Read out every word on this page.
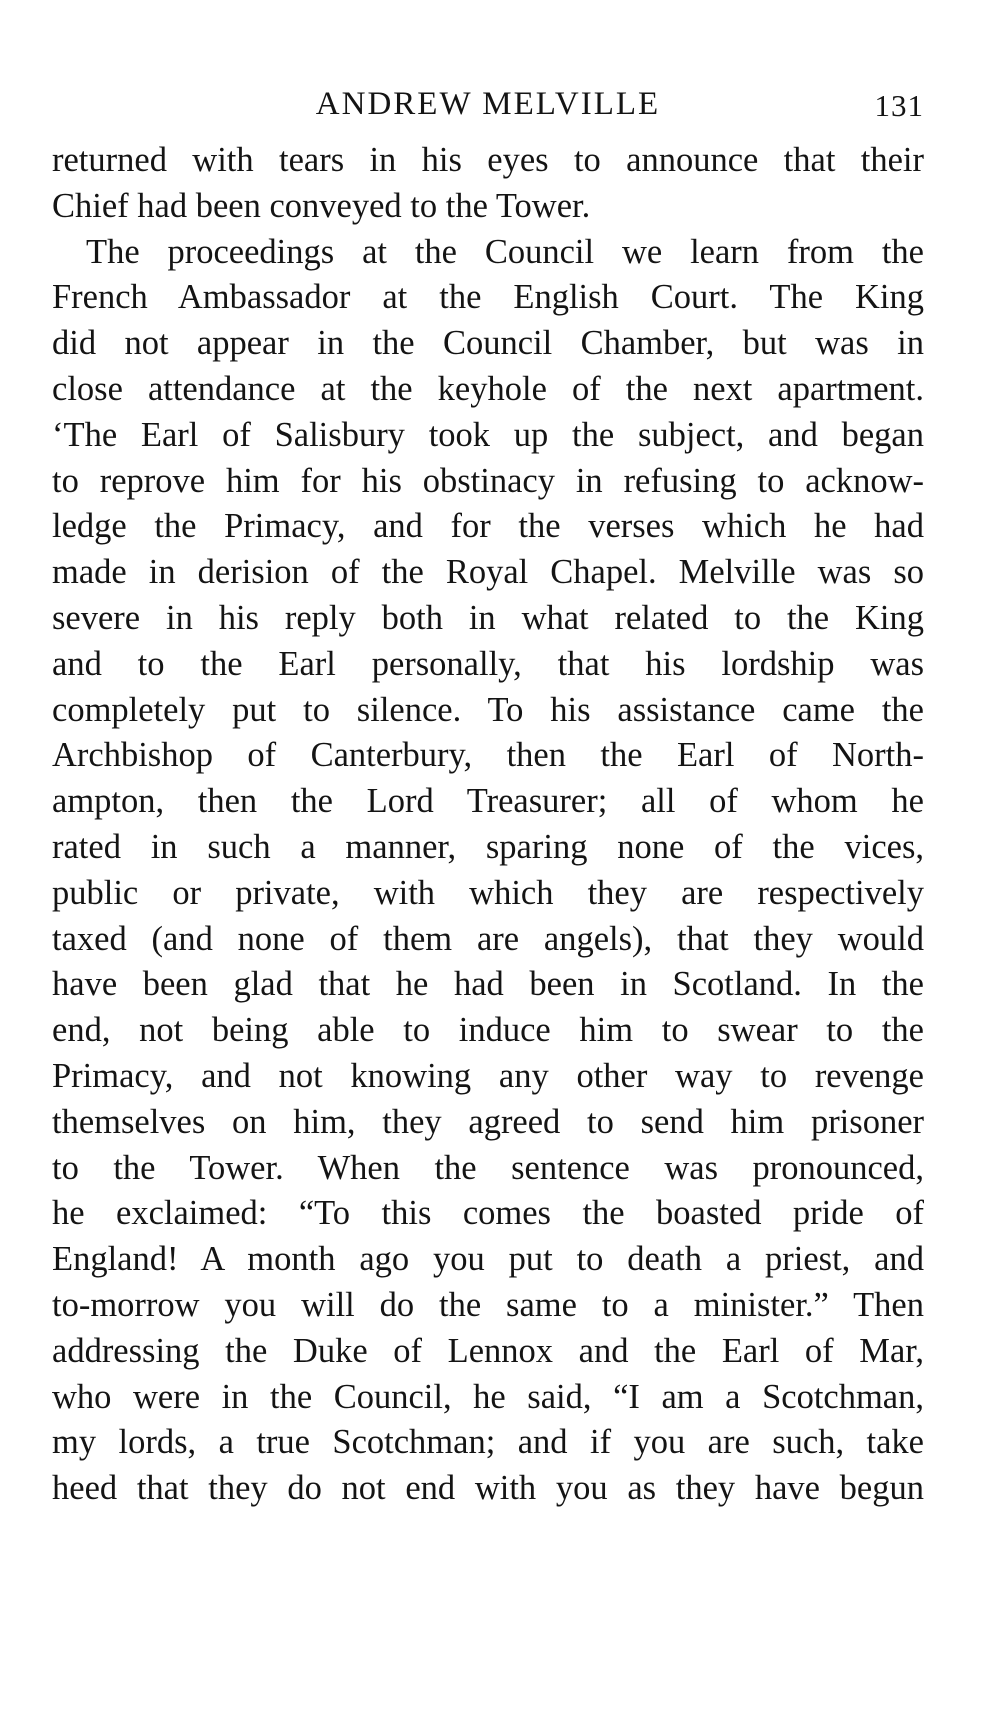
ANDREW MELVILLE	131
returned with tears in his eyes to announce that their
Chief had been conveyed to the Tower.
The proceedings at the Council we learn from the
French Ambassador at the English Court. The King
did not appear in the Council Chamber, but was in
close attendance at the keyhole of the next apartment.
‘The Earl of Salisbury took up the subject, and began
to reprove him for his obstinacy in refusing to acknow-
ledge the Primacy, and for the verses which he had
made in derision of the Royal Chapel. Melville was so
severe in his reply both in what related to the King
and to the Earl personally, that his lordship was
completely put to silence. To his assistance came the
Archbishop of Canterbury, then the Earl of North-
ampton, then the Lord Treasurer; all of whom he
rated in such a manner, sparing none of the vices,
public or private, with which they are respectively
taxed (and none of them are angels), that they would
have been glad that he had been in Scotland. In the
end, not being able to induce him to swear to the
Primacy, and not knowing any other way to revenge
themselves on him, they agreed to send him prisoner
to the Tower. When the sentence was pronounced,
he exclaimed: “To this comes the boasted pride of
England! A month ago you put to death a priest, and
to-morrow you will do the same to a minister.” Then
addressing the Duke of Lennox and the Earl of Mar,
who were in the Council, he said, “I am a Scotchman,
my lords, a true Scotchman; and if you are such, take
heed that they do not end with you as they have begun
